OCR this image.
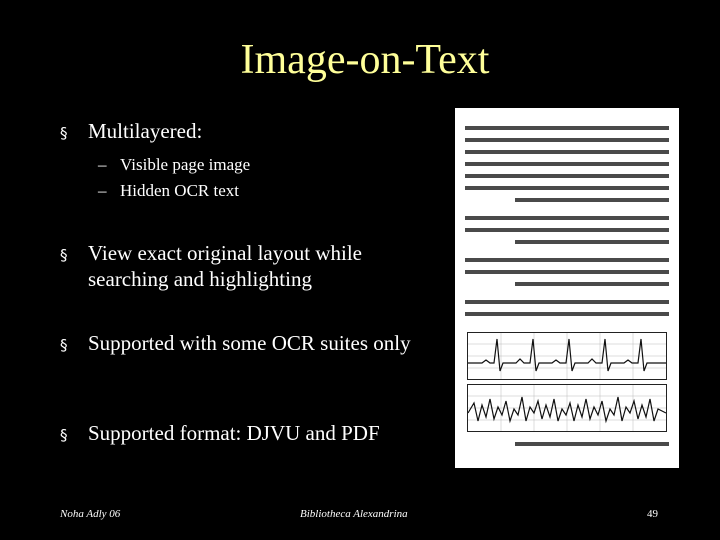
Image-on-Text
§ Multilayered:
– Visible page image
– Hidden OCR text
§ View exact original layout while searching and highlighting
§ Supported with some OCR suites only
§ Supported format: DJVU and PDF
Noha Adly 06	Bibliotheca Alexandrina	49
